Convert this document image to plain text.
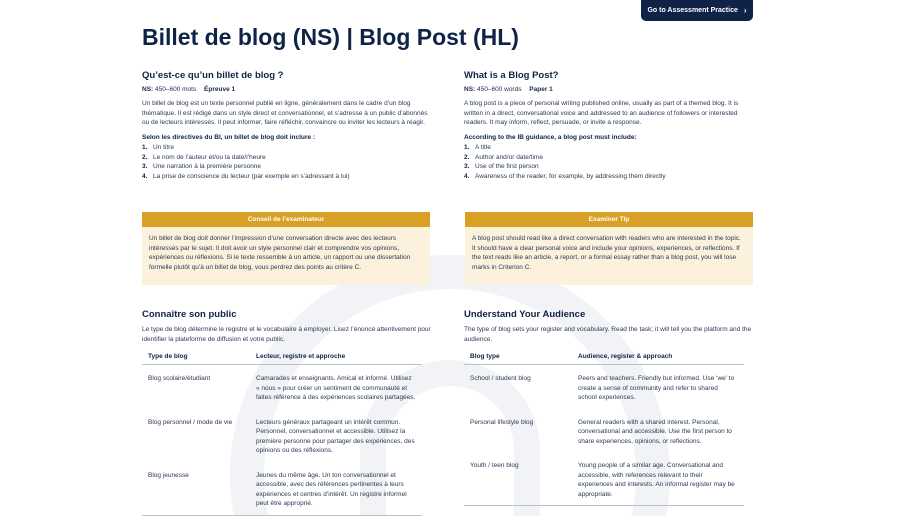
Go to Assessment Practice ›
Billet de blog (NS) | Blog Post (HL)
Qu’est-ce qu’un billet de blog ?
NS: 450–600 mots Épreuve 1

Un billet de blog est un texte personnel publié en ligne, généralement dans le cadre d’un blog thématique. Il est rédigé dans un style direct et conversationnel, et s’adresse à un public d’abonnés ou de lecteurs intéressés. Il peut informer, faire réfléchir, convaincre ou inviter les lecteurs à réagir.

Selon les directives du BI, un billet de blog doit inclure :
1. Un titre
2. Le nom de l’auteur et/ou la date/l’heure
3. Une narration à la première personne
4. La prise de conscience du lecteur (par exemple en s’adressant à lui)
What is a Blog Post?
NS: 450–600 words Paper 1

A blog post is a piece of personal writing published online, usually as part of a themed blog. It is written in a direct, conversational voice and addressed to an audience of followers or interested readers. It may inform, reflect, persuade, or invite a response.

According to the IB guidance, a blog post must include:
1. A title
2. Author and/or date/time
3. Use of the first person
4. Awareness of the reader, for example, by addressing them directly
Conseil de l’examinateur
Un billet de blog doit donner l’impression d’une conversation directe avec des lecteurs intéressés par le sujet. Il doit avoir un style personnel clair et comprendre vos opinions, expériences ou réflexions. Si le texte ressemble à un article, un rapport ou une dissertation formelle plutôt qu’à un billet de blog, vous perdrez des points au critère C.
Examiner Tip
A blog post should read like a direct conversation with readers who are interested in the topic. It should have a clear personal voice and include your opinions, experiences, or reflections. If the text reads like an article, a report, or a formal essay rather than a blog post, you will lose marks in Criterion C.
Connaître son public

Le type de blog détermine le registre et le vocabulaire à employer. Lisez l’énoncé attentivement pour identifier la plateforme de diffusion et votre public.

Type de blog	Lecteur, registre et approche
Blog scolaire/étudiant	Camarades et enseignants. Amical et informé. Utilisez « nous » pour créer un sentiment de communauté et faites référence à des expériences scolaires partagées.
Blog personnel / mode de vie	Lecteurs généraux partageant un intérêt commun. Personnel, conversationnel et accessible. Utilisez la première personne pour partager des expériences, des opinions ou des réflexions.
Blog jeunesse	Jeunes du même âge. Un ton conversationnel et accessible, avec des références pertinentes à leurs expériences et centres d’intérêt. Un registre informel peut être approprié.
Understand Your Audience

The type of blog sets your register and vocabulary. Read the task; it will tell you the platform and the audience.

Blog type	Audience, register & approach
School / student blog	Peers and teachers. Friendly but informed. Use ‘we’ to create a sense of community and refer to shared school experiences.
Personal lifestyle blog	General readers with a shared interest. Personal, conversational and accessible. Use the first person to share experiences, opinions, or reflections.
Youth / teen blog	Young people of a similar age. Conversational and accessible, with references relevant to their experiences and interests. An informal register may be appropriate.
